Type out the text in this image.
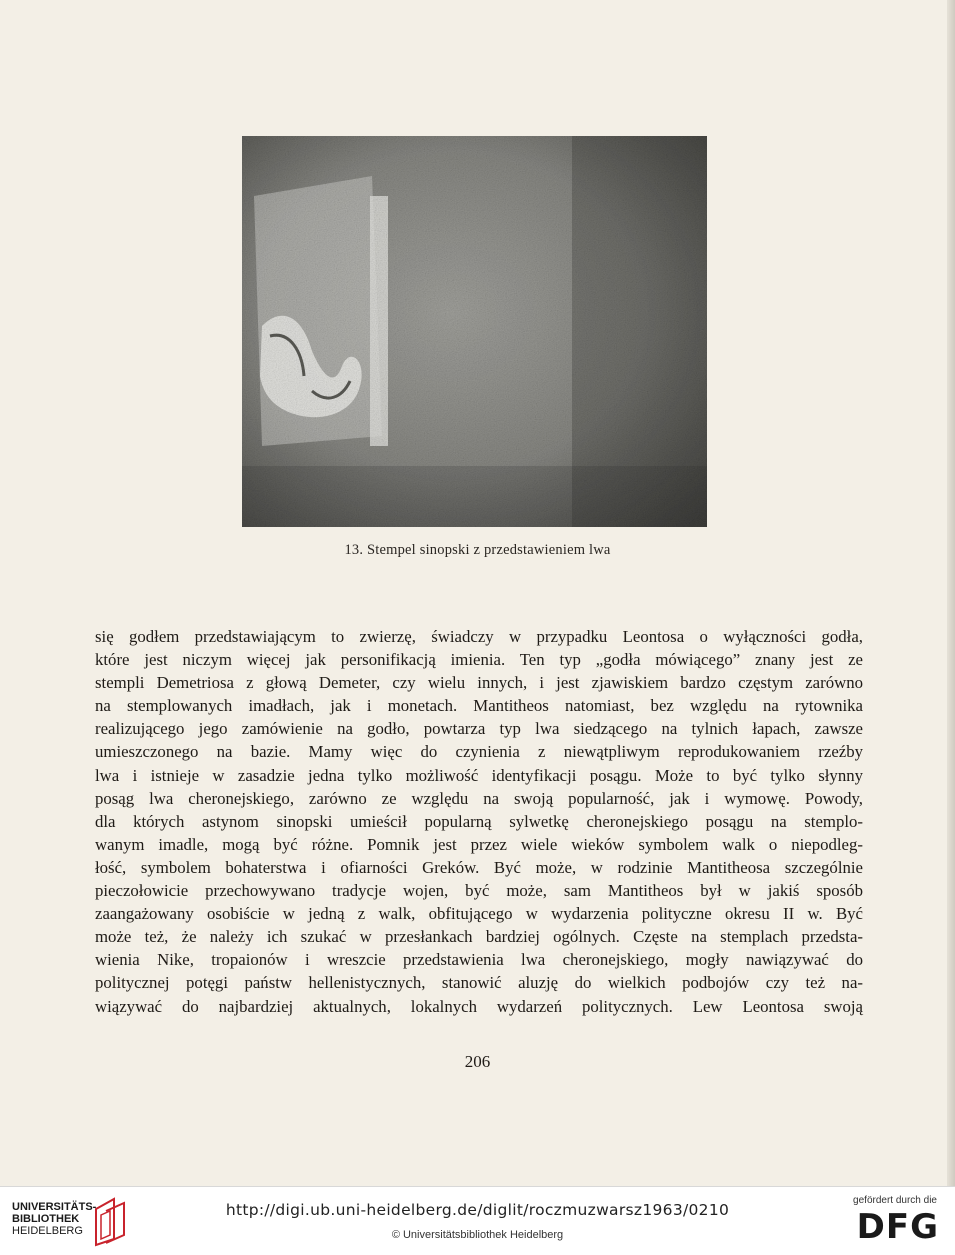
13. Stempel sinopski z przedstawieniem lwa
się godłem przedstawiającym to zwierzę, świadczy w przypadku Leontosa o wyłączności godła,
które jest niczym więcej jak personifikacją imienia. Ten typ „godła mówiącego” znany jest ze
stempli Demetriosa z głową Demeter, czy wielu innych, i jest zjawiskiem bardzo częstym zarówno
na stemplowanych imadłach, jak i monetach. Mantitheos natomiast, bez względu na rytownika
realizującego jego zamówienie na godło, powtarza typ lwa siedzącego na tylnich łapach, zawsze
umieszczonego na bazie. Mamy więc do czynienia z niewątpliwym reprodukowaniem rzeźby
lwa i istnieje w zasadzie jedna tylko możliwość identyfikacji posągu. Może to być tylko słynny
posąg lwa cheronejskiego, zarówno ze względu na swoją popularność, jak i wymowę. Powody,
dla których astynom sinopski umieścił popularną sylwetkę cheronejskiego posągu na stemplo-
wanym imadle, mogą być różne. Pomnik jest przez wiele wieków symbolem walk o niepodleg-
łość, symbolem bohaterstwa i ofiarności Greków. Być może, w rodzinie Mantitheosa szczególnie
pieczołowicie przechowywano tradycje wojen, być może, sam Mantitheos był w jakiś sposób
zaangażowany osobiście w jedną z walk, obfitującego w wydarzenia polityczne okresu II w. Być
może też, że należy ich szukać w przesłankach bardziej ogólnych. Częste na stemplach przedsta-
wienia Nike, tropaionów i wreszcie przedstawienia lwa cheronejskiego, mogły nawiązywać do
politycznej potęgi państw hellenistycznych, stanowić aluzję do wielkich podbojów czy też na-
wiązywać do najbardziej aktualnych, lokalnych wydarzeń politycznych. Lew Leontosa swoją
206
UNIVERSITÄTS-
BIBLIOTHEK
HEIDELBERG
http://digi.ub.uni-heidelberg.de/diglit/roczmuzwarsz1963/0210
© Universitätsbibliothek Heidelberg
gefördert durch die
DFG
